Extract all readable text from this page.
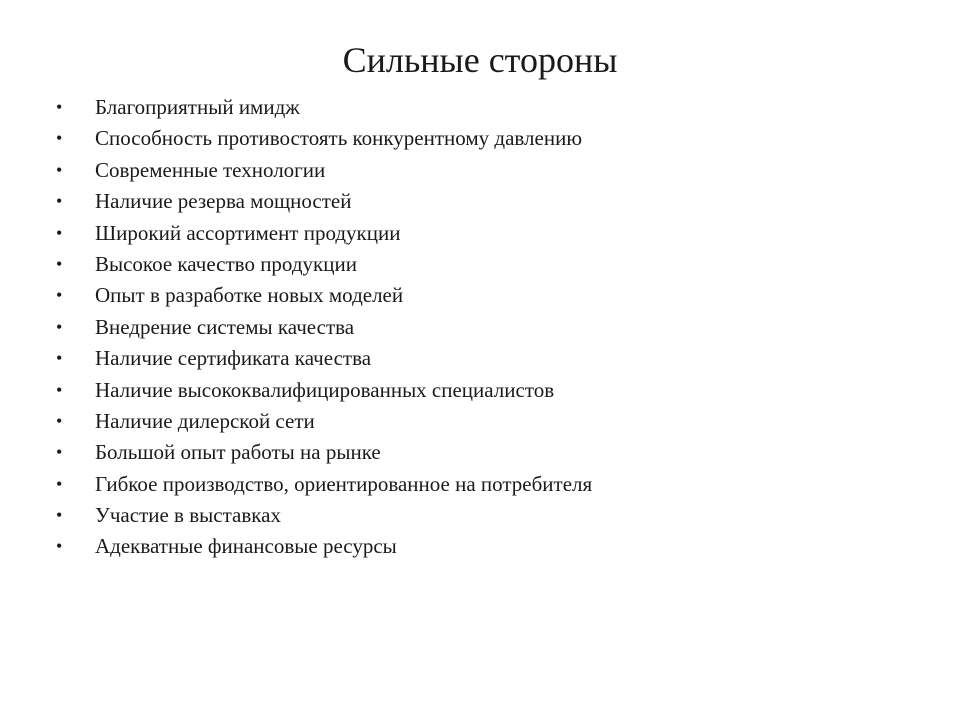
Сильные стороны
•	Благоприятный имидж
•	Способность противостоять конкурентному давлению
•	Современные технологии
•	Наличие резерва мощностей
•	Широкий ассортимент продукции
•	Высокое качество продукции
•	Опыт в разработке новых моделей
•	Внедрение системы качества
•	Наличие сертификата качества
•	Наличие высококвалифицированных специалистов
•	Наличие дилерской сети
•	Большой опыт работы на рынке
•	Гибкое производство, ориентированное на потребителя
•	Участие в выставках
•	Адекватные финансовые ресурсы
